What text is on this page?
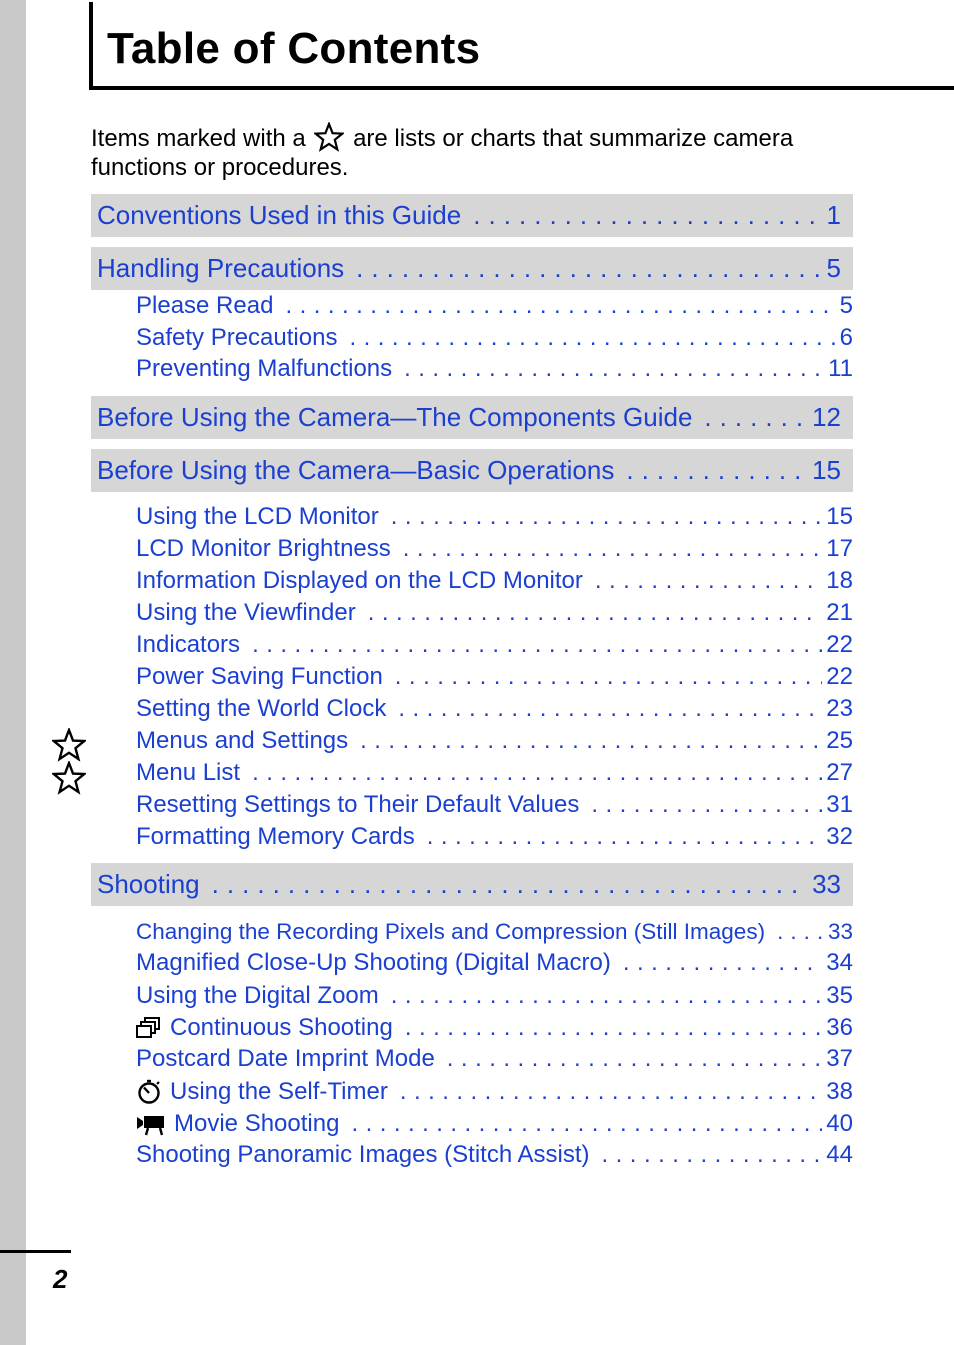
Table of Contents

Items marked with a are lists or charts that summarize camera functions or procedures.

Conventions Used in this Guide . . .	1
Handling Precautions . . .	5
Please Read . . .	5
Safety Precautions . . .	6
Preventing Malfunctions . . .	11
Before Using the Camera—The Components Guide . . .	12
Before Using the Camera—Basic Operations . . .	15
Using the LCD Monitor . . .	15
LCD Monitor Brightness . . .	17
Information Displayed on the LCD Monitor . . .	18
Using the Viewfinder . . .	21
Indicators . . .	22
Power Saving Function . . .	22
Setting the World Clock . . .	23
Menus and Settings . . .	25
Menu List . . .	27
Resetting Settings to Their Default Values . . .	31
Formatting Memory Cards . . .	32
Shooting . . .	33
Changing the Recording Pixels and Compression (Still Images) . . .	33
Magnified Close-Up Shooting (Digital Macro) . . .	34
Using the Digital Zoom . . .	35
Continuous Shooting . . .	36
Postcard Date Imprint Mode . . .	37
Using the Self-Timer . . .	38
Movie Shooting . . .	40
Shooting Panoramic Images (Stitch Assist) . . .	44
2
